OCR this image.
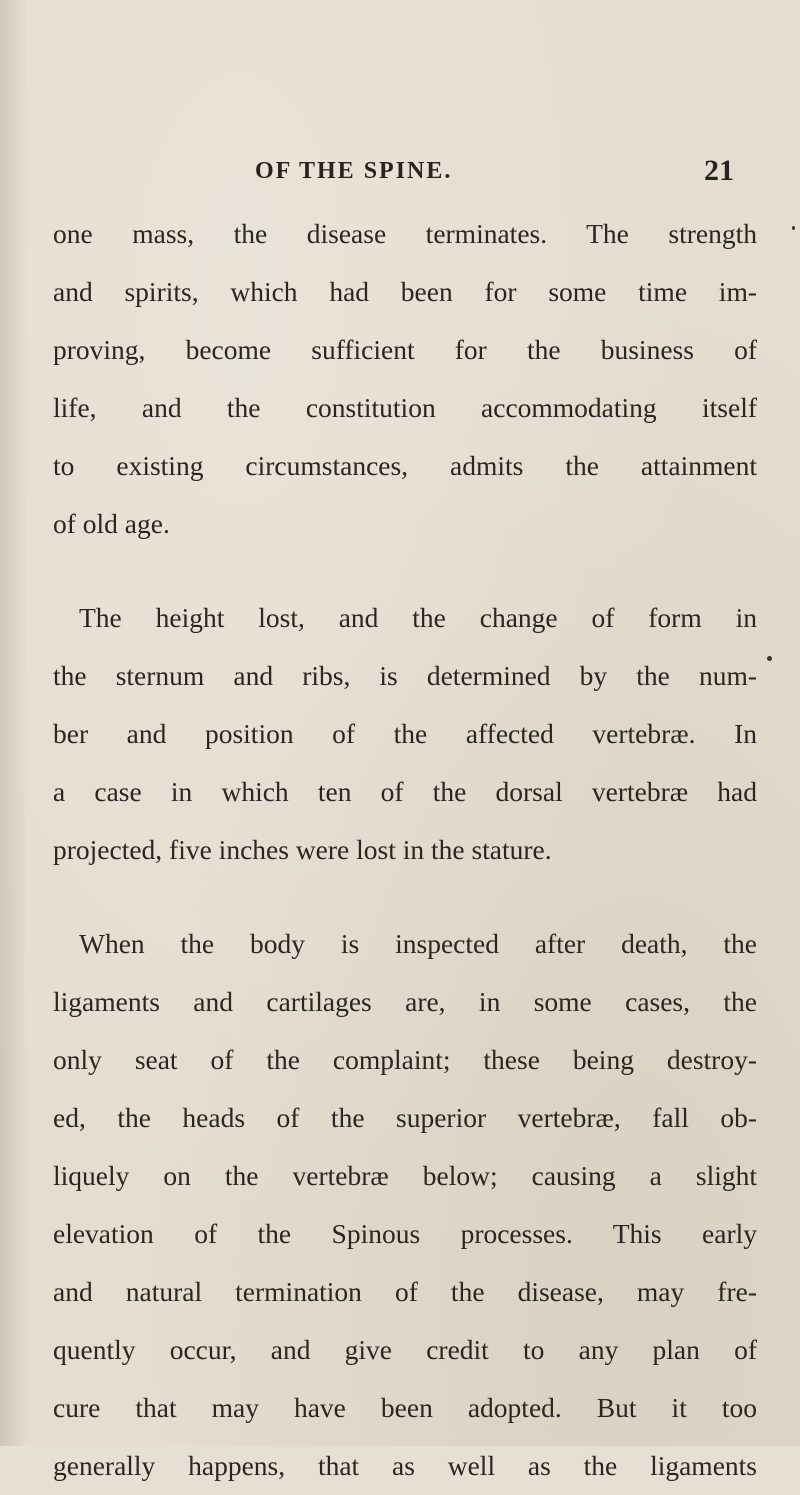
OF THE SPINE.	21
one mass, the disease terminates. The strength
and spirits, which had been for some time im-
proving, become sufficient for the business of
life, and the constitution accommodating itself
to existing circumstances, admits the attainment
of old age.
The height lost, and the change of form in
the sternum and ribs, is determined by the num-
ber and position of the affected vertebræ. In
a case in which ten of the dorsal vertebræ had
projected, five inches were lost in the stature.
When the body is inspected after death, the
ligaments and cartilages are, in some cases, the
only seat of the complaint; these being destroy-
ed, the heads of the superior vertebræ, fall ob-
liquely on the vertebræ below; causing a slight
elevation of the Spinous processes. This early
and natural termination of the disease, may fre-
quently occur, and give credit to any plan of
cure that may have been adopted. But it too
generally happens, that as well as the ligaments
